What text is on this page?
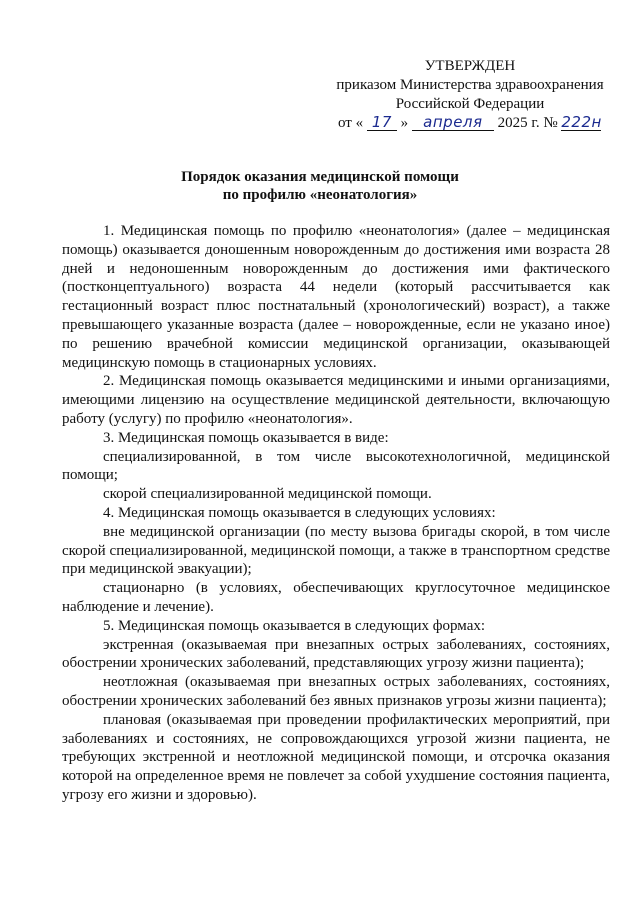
УТВЕРЖДЕН
приказом Министерства здравоохранения
Российской Федерации
от « 17 » апреля 2025 г. № 222н
Порядок оказания медицинской помощи
по профилю «неонатология»

1. Медицинская помощь по профилю «неонатология» (далее – медицинская помощь) оказывается доношенным новорожденным до достижения ими возраста 28 дней и недоношенным новорожденным до достижения ими фактического (постконцептуального) возраста 44 недели (который рассчитывается как гестационный возраст плюс постнатальный (хронологический) возраст), а также превышающего указанные возраста (далее – новорожденные, если не указано иное) по решению врачебной комиссии медицинской организации, оказывающей медицинскую помощь в стационарных условиях.

2. Медицинская помощь оказывается медицинскими и иными организациями, имеющими лицензию на осуществление медицинской деятельности, включающую работу (услугу) по профилю «неонатология».

3. Медицинская помощь оказывается в виде:

специализированной, в том числе высокотехнологичной, медицинской помощи;

скорой специализированной медицинской помощи.

4. Медицинская помощь оказывается в следующих условиях:

вне медицинской организации (по месту вызова бригады скорой, в том числе скорой специализированной, медицинской помощи, а также в транспортном средстве при медицинской эвакуации);

стационарно (в условиях, обеспечивающих круглосуточное медицинское наблюдение и лечение).

5. Медицинская помощь оказывается в следующих формах:

экстренная (оказываемая при внезапных острых заболеваниях, состояниях, обострении хронических заболеваний, представляющих угрозу жизни пациента);

неотложная (оказываемая при внезапных острых заболеваниях, состояниях, обострении хронических заболеваний без явных признаков угрозы жизни пациента);

плановая (оказываемая при проведении профилактических мероприятий, при заболеваниях и состояниях, не сопровождающихся угрозой жизни пациента, не требующих экстренной и неотложной медицинской помощи, и отсрочка оказания которой на определенное время не повлечет за собой ухудшение состояния пациента, угрозу его жизни и здоровью).
